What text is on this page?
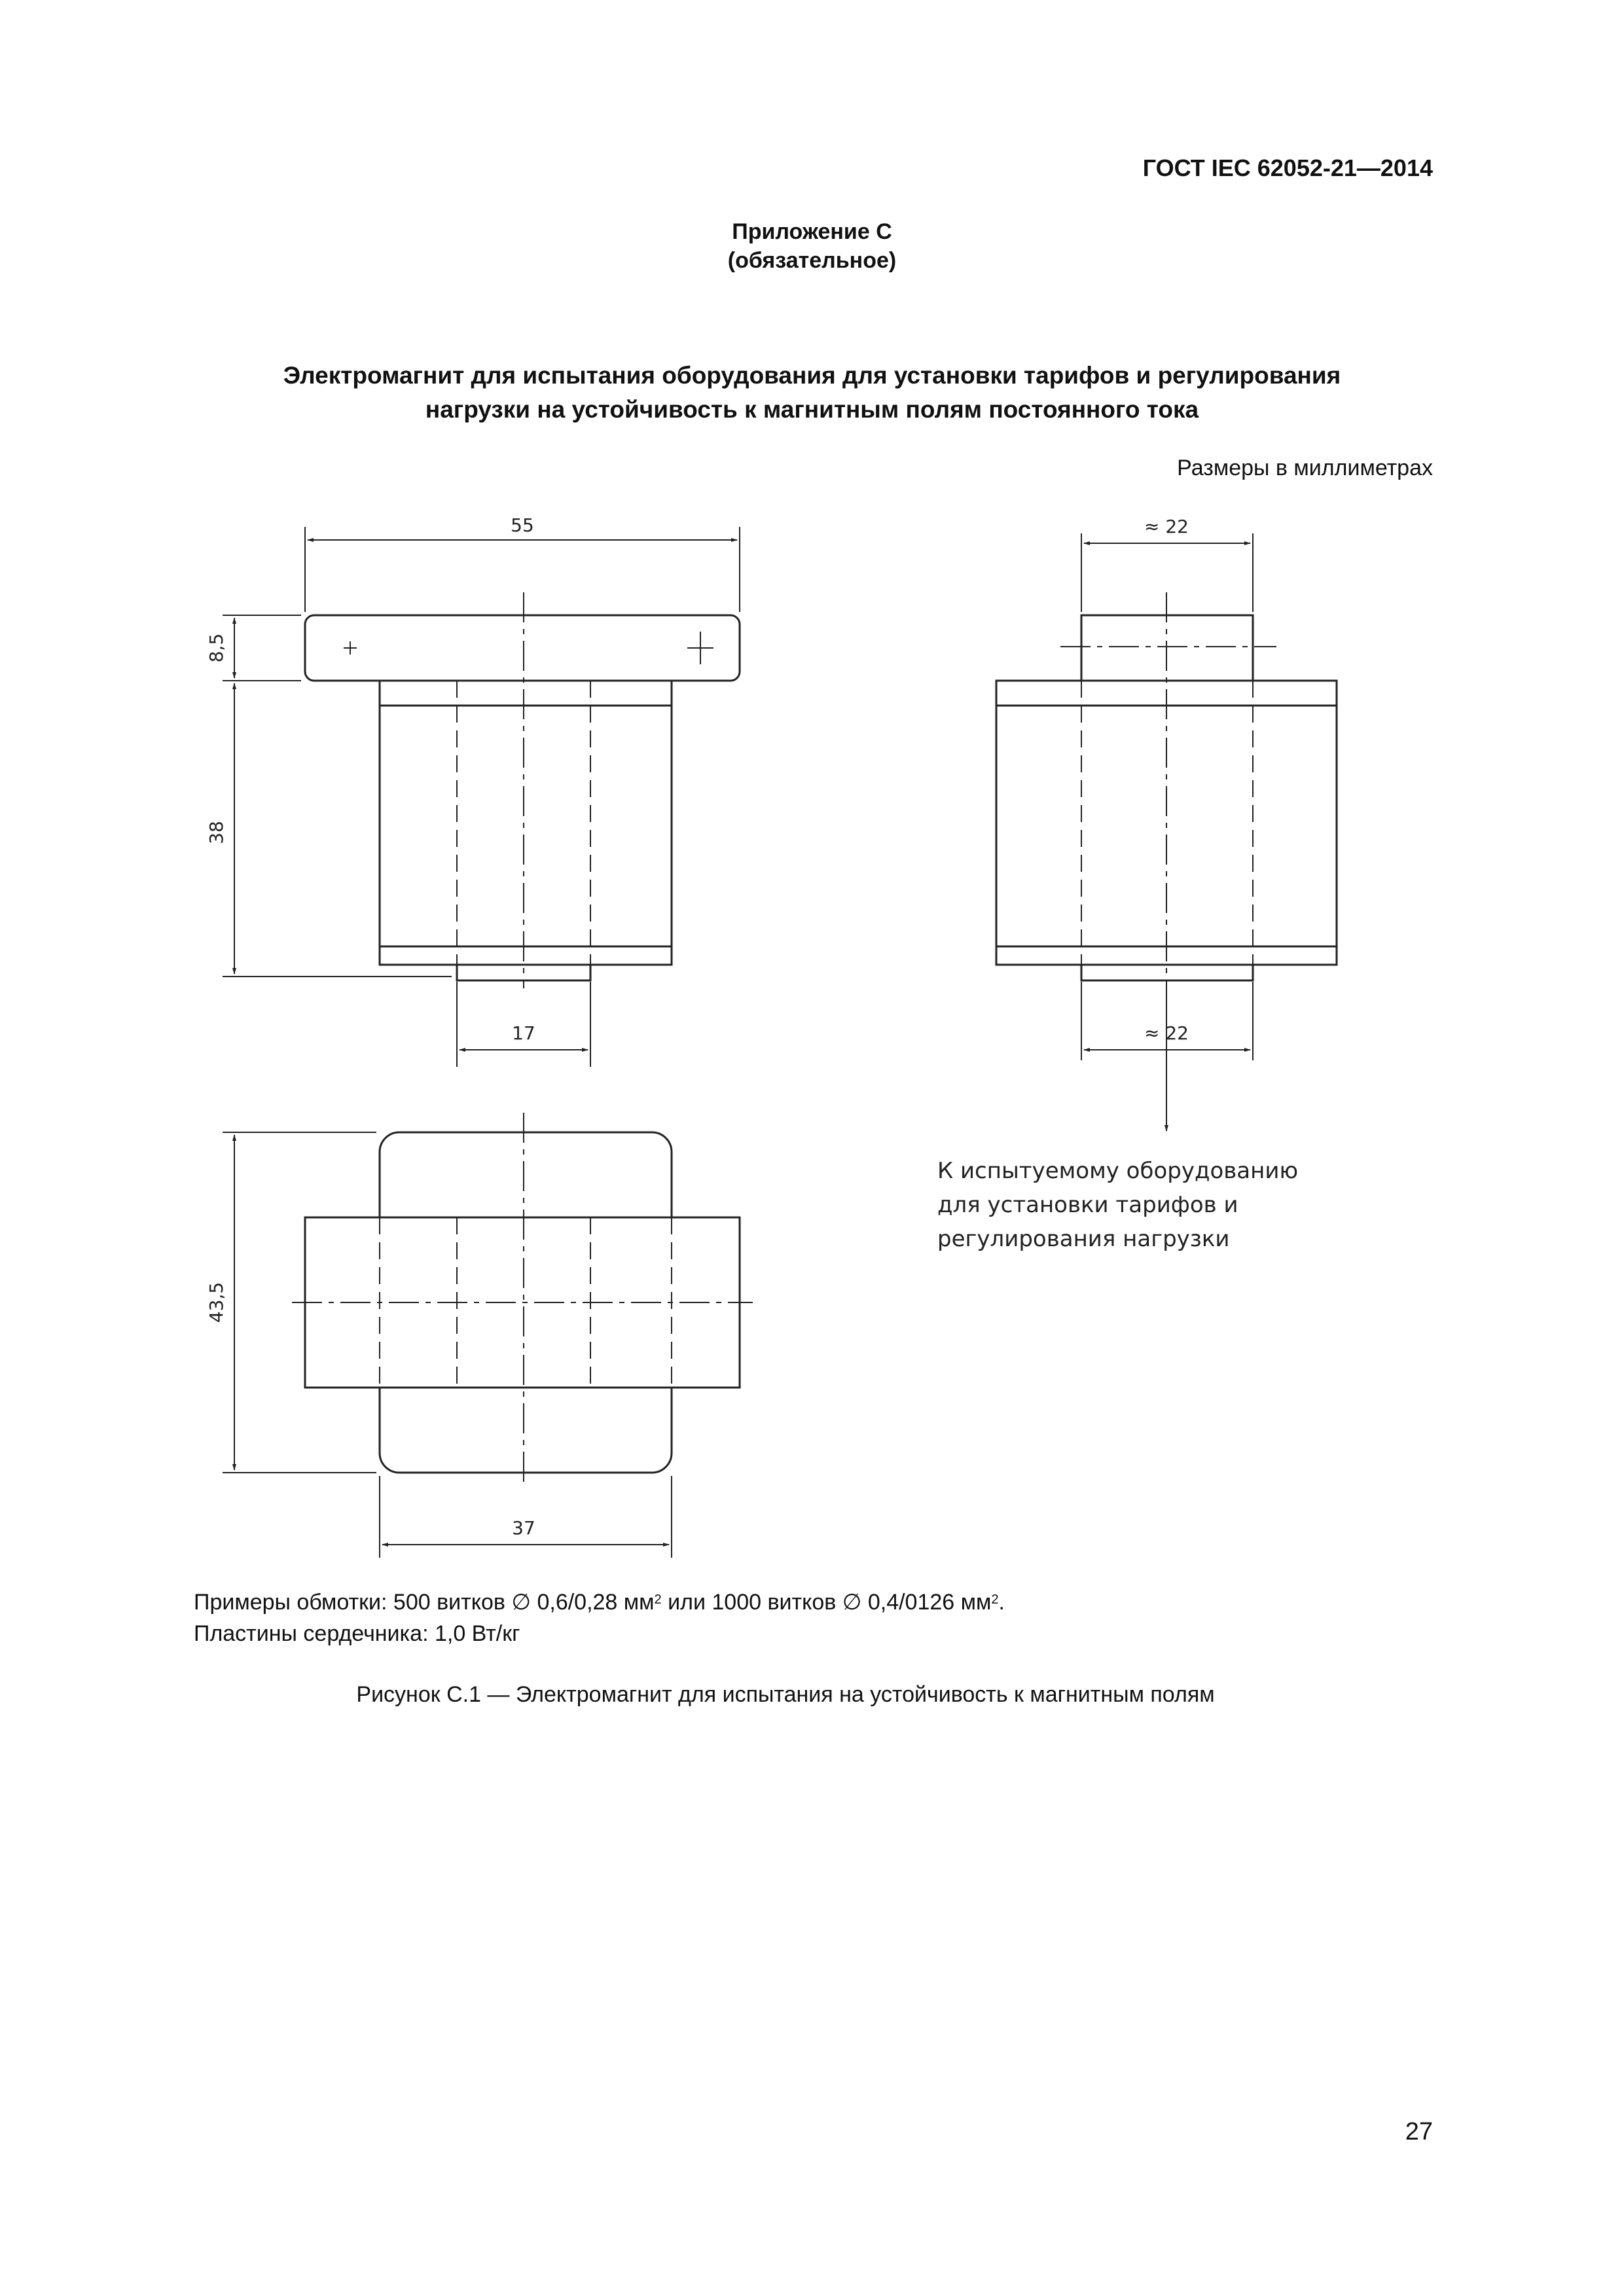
ГОСТ IEC 62052-21—2014
Приложение С
(обязательное)
Электромагнит для испытания оборудования для установки тарифов и регулирования
нагрузки на устойчивость к магнитным полям постоянного тока
Размеры в миллиметрах
55
8,5
38
17
≈ 22
≈ 22
К испытуемому оборудованию
для установки тарифов и
регулирования нагрузки
43,5
37
Примеры обмотки: 500 витков ∅ 0,6/0,28 $мм^2$ или 1000 витков ∅ 0,4/0126 $мм^2$.
Пластины сердечника: 1,0 Вт/кг
Рисунок С.1 — Электромагнит для испытания на устойчивость к магнитным полям
27
